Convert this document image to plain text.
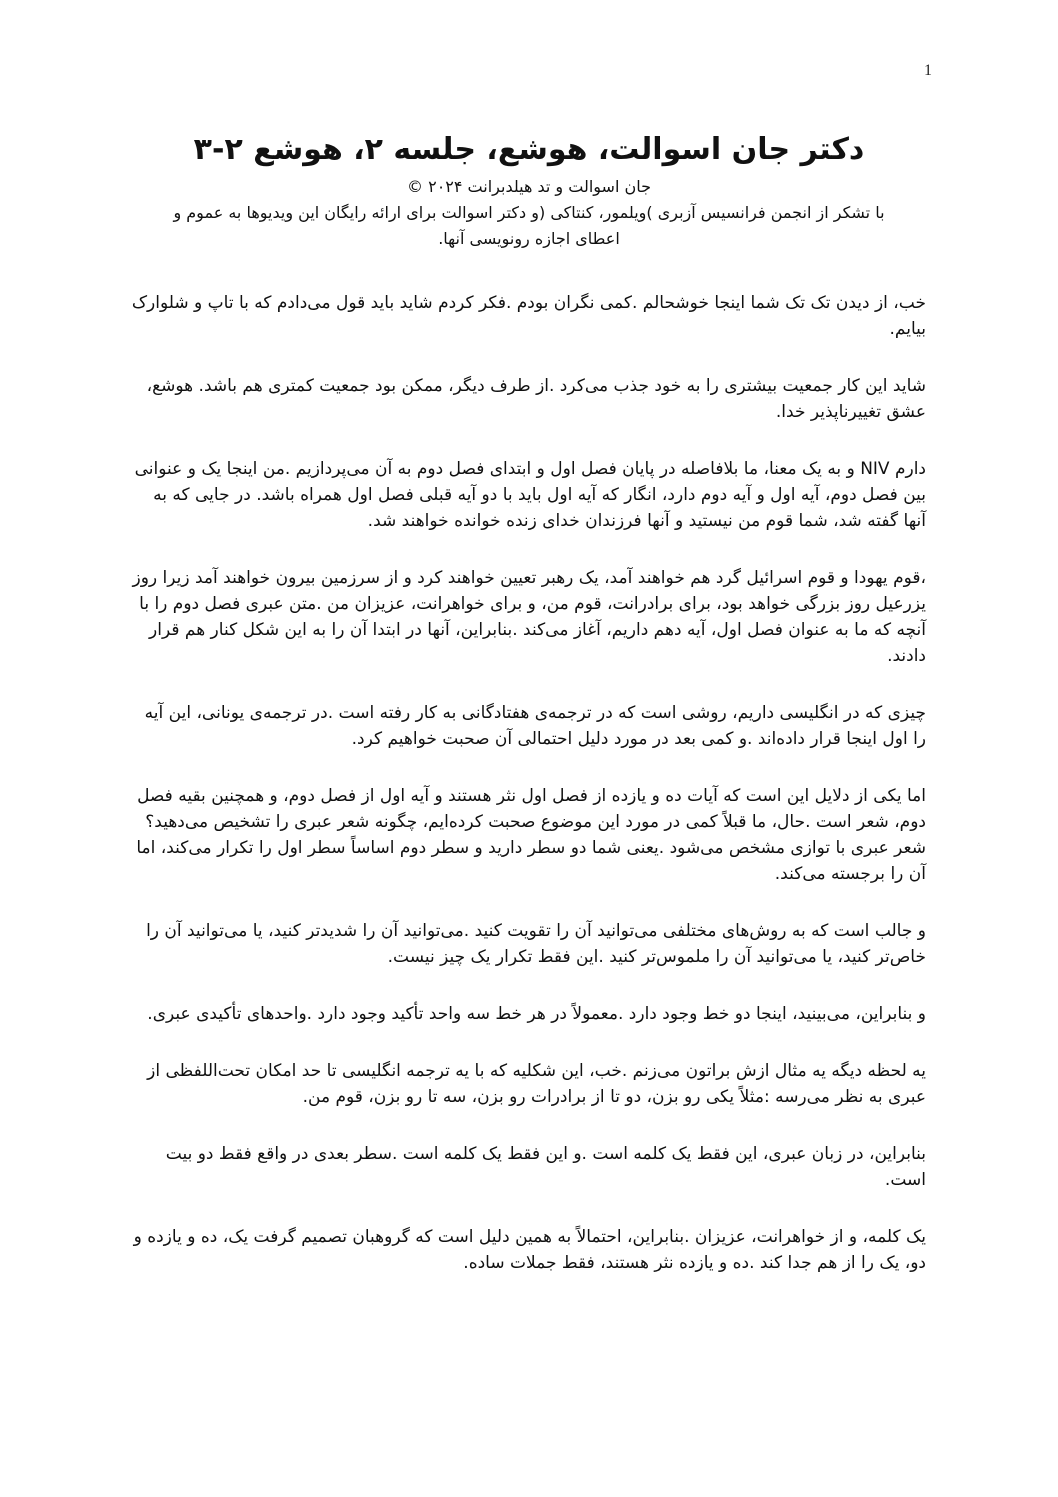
1
دکتر جان اسوالت، هوشع، جلسه ۲، هوشع ۲-۳

جان اسوالت و تد هیلدبرانت ۲۰۲۴ ©

با تشکر از انجمن فرانسیس آزبری )ویلمور، کنتاکی (و دکتر اسوالت برای ارائه رایگان این ویدیوها به عموم و اعطای اجازه رونویسی آنها.

خب، از دیدن تک تک شما اینجا خوشحالم .کمی نگران بودم .فکر کردم شاید باید قول می‌دادم که با تاپ و شلوارک بیایم.

شاید این کار جمعیت بیشتری را به خود جذب می‌کرد .از طرف دیگر، ممکن بود جمعیت کمتری هم باشد. هوشع، عشق تغییرناپذیر خدا.

دارم NIV و به یک معنا، ما بلافاصله در پایان فصل اول و ابتدای فصل دوم به آن می‌پردازیم .من اینجا یک و عنوانی بین فصل دوم، آیه اول و آیه دوم دارد، انگار که آیه اول باید با دو آیه قبلی فصل اول همراه باشد. در جایی که به آنها گفته شد، شما قوم من نیستید و آنها فرزندان خدای زنده خوانده خواهند شد.

،قوم یهودا و قوم اسرائیل گرد هم خواهند آمد، یک رهبر تعیین خواهند کرد و از سرزمین بیرون خواهند آمد زیرا روز یزرعیل روز بزرگی خواهد بود، برای برادرانت، قوم من، و برای خواهرانت، عزیزان من .متن عبری فصل دوم را با آنچه که ما به عنوان فصل اول، آیه دهم داریم، آغاز می‌کند .بنابراین، آنها در ابتدا آن را به این شکل کنار هم قرار دادند.

چیزی که در انگلیسی داریم، روشی است که در ترجمه‌ی هفتادگانی به کار رفته است .در ترجمه‌ی یونانی، این آیه را اول اینجا قرار داده‌اند .و کمی بعد در مورد دلیل احتمالی آن صحبت خواهیم کرد.

اما یکی از دلایل این است که آیات ده و یازده از فصل اول نثر هستند و آیه اول از فصل دوم، و همچنین بقیه فصل دوم، شعر است .حال، ما قبلاً کمی در مورد این موضوع صحبت کرده‌ایم، چگونه شعر عبری را تشخیص می‌دهید؟ شعر عبری با توازی مشخص می‌شود .یعنی شما دو سطر دارید و سطر دوم اساساً سطر اول را تکرار می‌کند، اما آن را برجسته می‌کند.

و جالب است که به روش‌های مختلفی می‌توانید آن را تقویت کنید .می‌توانید آن را شدیدتر کنید، یا می‌توانید آن را خاص‌تر کنید، یا می‌توانید آن را ملموس‌تر کنید .این فقط تکرار یک چیز نیست.

و بنابراین، می‌بینید، اینجا دو خط وجود دارد .معمولاً در هر خط سه واحد تأکید وجود دارد .واحدهای تأکیدی عبری.

یه لحظه دیگه یه مثال ازش براتون می‌زنم .خب، این شکلیه که با یه ترجمه انگلیسی تا حد امکان تحت‌اللفظی از عبری به نظر می‌رسه :مثلاً یکی رو بزن، دو تا از برادرات رو بزن، سه تا رو بزن، قوم من.

بنابراین، در زبان عبری، این فقط یک کلمه است .و این فقط یک کلمه است .سطر بعدی در واقع فقط دو بیت است.

یک کلمه، و از خواهرانت، عزیزان .بنابراین، احتمالاً به همین دلیل است که گروهبان تصمیم گرفت یک، ده و یازده و دو، یک را از هم جدا کند .ده و یازده نثر هستند، فقط جملات ساده.
